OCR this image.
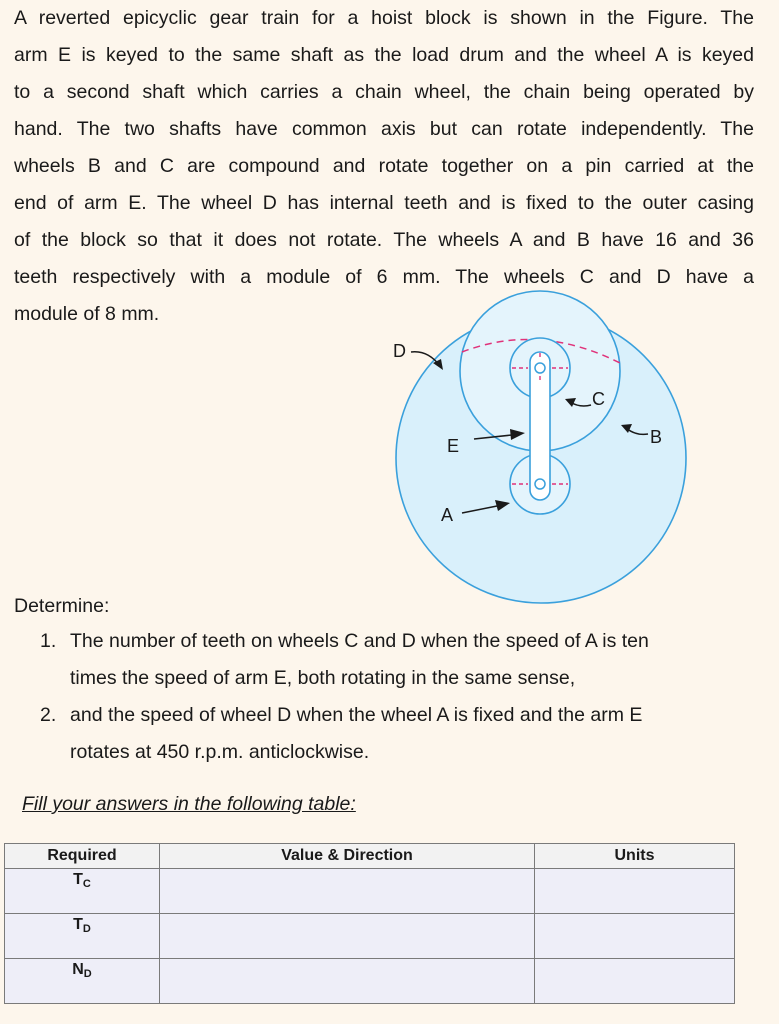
A reverted epicyclic gear train for a hoist block is shown in the Figure. The
arm E is keyed to the same shaft as the load drum and the wheel A is keyed
to a second shaft which carries a chain wheel, the chain being operated by
hand. The two shafts have common axis but can rotate independently. The
wheels B and C are compound and rotate together on a pin carried at the
end of arm E. The wheel D has internal teeth and is fixed to the outer casing
of the block so that it does not rotate. The wheels A and B have 16 and 36
teeth respectively with a module of 6 mm. The wheels C and D have a
module of 8 mm.
D
C
E	B
A
Determine:
1. The number of teeth on wheels C and D when the speed of A is ten
times the speed of arm E, both rotating in the same sense,
2. and the speed of wheel D when the wheel A is fixed and the arm E
rotates at 450 r.p.m. anticlockwise.
Fill your answers in the following table:
Required	Value & Direction	Units
TC		
TD		
ND		
